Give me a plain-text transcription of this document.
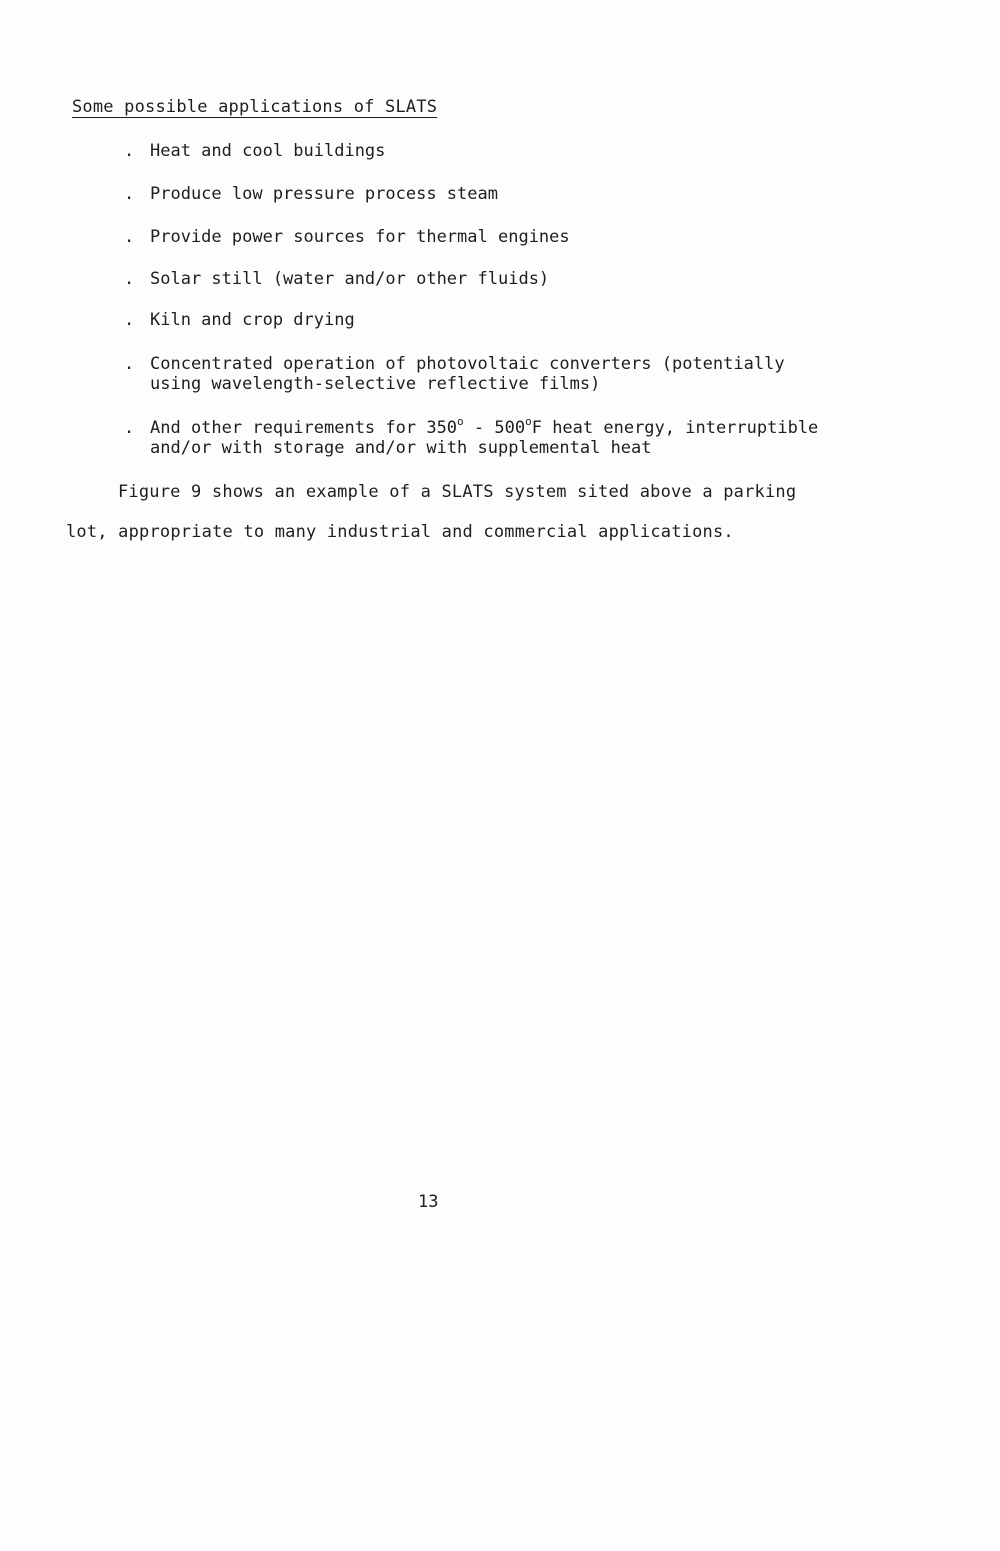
Some possible applications of SLATS
. Heat and cool buildings
. Produce low pressure process steam
. Provide power sources for thermal engines
. Solar still (water and/or other fluids)
. Kiln and crop drying
. Concentrated operation of photovoltaic converters (potentially
using wavelength-selective reflective films)
. And other requirements for 350$^o$ - 500$^o$F heat energy, interruptible
and/or with storage and/or with supplemental heat
Figure 9 shows an example of a SLATS system sited above a parking
lot, appropriate to many industrial and commercial applications.
13
